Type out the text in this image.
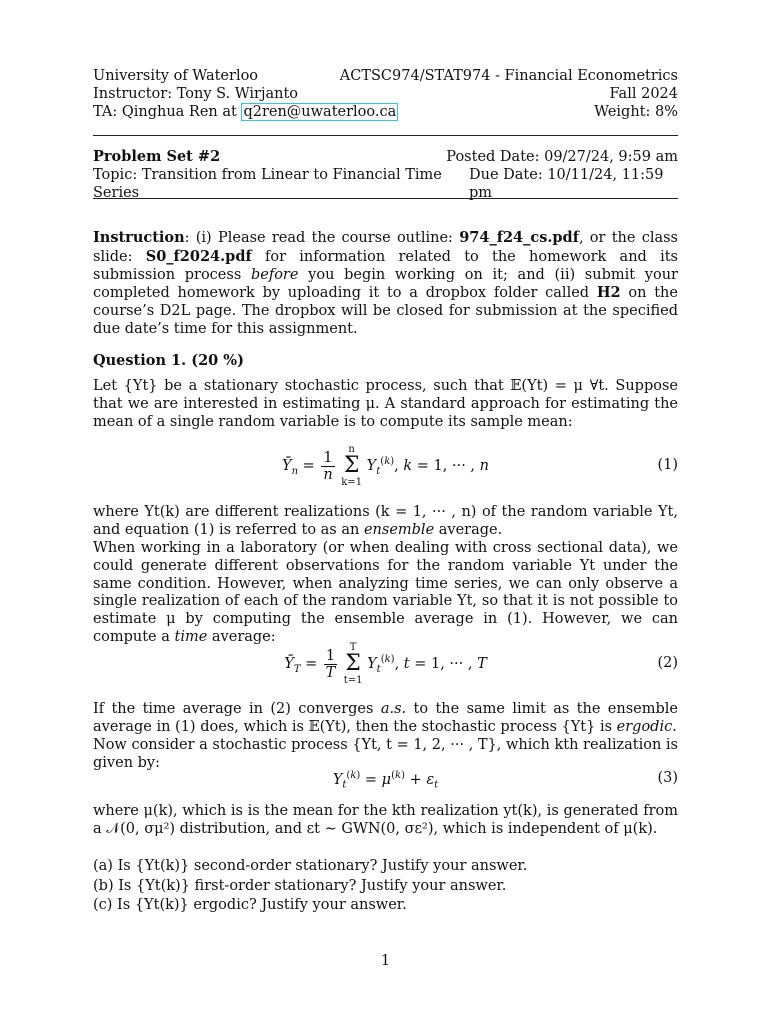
University of Waterloo	ACTSC974/STAT974 - Financial Econometrics
Instructor: Tony S. Wirjanto	Fall 2024
TA: Qinghua Ren at q2ren@uwaterloo.ca	Weight: 8%
Problem Set #2	Posted Date: 09/27/24, 9:59 am
Topic: Transition from Linear to Financial Time Series
Due Date: 10/11/24, 11:59 pm
Instruction: (i) Please read the course outline: 974_f24_cs.pdf, or the class slide: S0_f2024.pdf for information related to the homework and its submission process before you begin working on it; and (ii) submit your completed homework by uploading it to a dropbox folder called H2 on the course’s D2L page. The dropbox will be closed for submission at the specified due date’s time for this assignment.
Question 1. (20 %)
Let {Yt} be a stationary stochastic process, such that 𝔼(Yt) = μ ∀t. Suppose that we are interested in estimating μ. A standard approach for estimating the mean of a single random variable is to compute its sample mean:
$Ȳ_n = \frac{1}{n}$ n
Σ
k=1 $Y_t^{(k)}$, k = 1, ··· , n	(1)
where Yt(k) are different realizations (k = 1, ··· , n) of the random variable Yt, and equation (1) is referred to as an ensemble average.
When working in a laboratory (or when dealing with cross sectional data), we could generate different observations for the random variable Yt under the same condition. However, when analyzing time series, we can only observe a single realization of each of the random variable Yt, so that it is not possible to estimate μ by computing the ensemble average in (1). However, we can compute a time average:
$Ȳ_T = \frac{1}{T}$ T
Σ
t=1 $Y_t^{(k)}$, t = 1, ··· , T	(2)
If the time average in (2) converges a.s. to the same limit as the ensemble average in (1) does, which is 𝔼(Yt), then the stochastic process {Yt} is ergodic.
Now consider a stochastic process {Yt, t = 1, 2, ··· , T}, which kth realization is given by:
$Y_t^{(k)} = \mu^{(k)} + \varepsilon_t$	(3)
where μ(k), which is is the mean for the kth realization yt(k), is generated from a 𝒩(0, σμ²) distribution, and εt ∼ GWN(0, σε²), which is independent of μ(k).
(a) Is {Yt(k)} second-order stationary? Justify your answer.
(b) Is {Yt(k)} first-order stationary? Justify your answer.
(c) Is {Yt(k)} ergodic? Justify your answer.
1
